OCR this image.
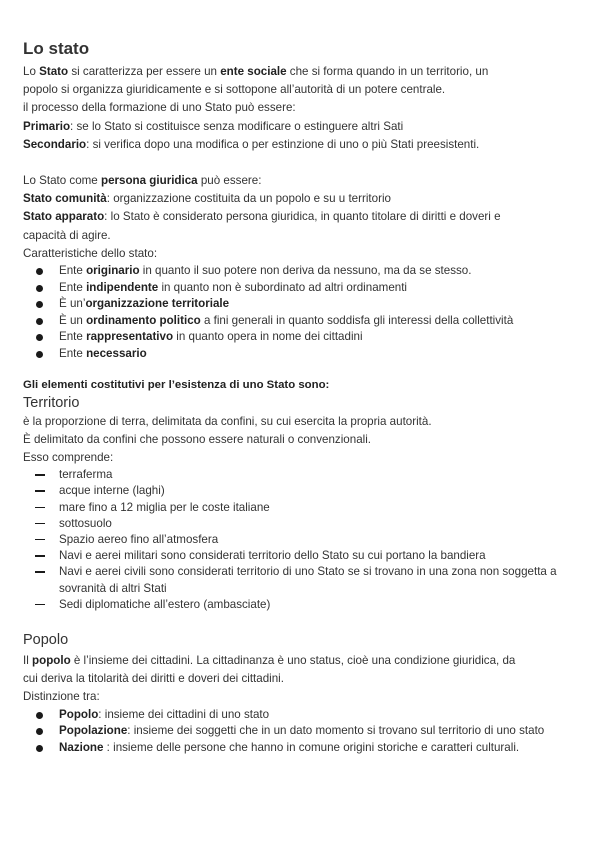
Lo stato

Lo Stato si caratterizza per essere un ente sociale che si forma quando in un territorio, un

popolo si organizza giuridicamente e si sottopone all’autorità di un potere centrale.

il processo della formazione di uno Stato può essere:

Primario: se lo Stato si costituisce senza modificare o estinguere altri Sati

Secondario: si verifica dopo una modifica o per estinzione di uno o più Stati preesistenti.

Lo Stato come persona giuridica può essere:

Stato comunità: organizzazione costituita da un popolo e su u territorio

Stato apparato: lo Stato è considerato persona giuridica, in quanto titolare di diritti e doveri e

capacità di agire.

Caratteristiche dello stato:

Ente originario in quanto il suo potere non deriva da nessuno, ma da se stesso.
Ente indipendente in quanto non è subordinato ad altri ordinamenti
È un’organizzazione territoriale
È un ordinamento politico a fini generali in quanto soddisfa gli interessi della collettività
Ente rappresentativo in quanto opera in nome dei cittadini
Ente necessario
Gli elementi costitutivi per l’esistenza di uno Stato sono:
Territorio

è la proporzione di terra, delimitata da confini, su cui esercita la propria autorità.

È delimitato da confini che possono essere naturali o convenzionali.

Esso comprende:

terraferma
acque interne (laghi)
mare fino a 12 miglia per le coste italiane
sottosuolo
Spazio aereo fino all’atmosfera
Navi e aerei militari sono considerati territorio dello Stato su cui portano la bandiera
Navi e aerei civili sono considerati territorio di uno Stato se si trovano in una zona non soggetta a sovranità di altri Stati
Sedi diplomatiche all’estero (ambasciate)
Popolo

Il popolo è l’insieme dei cittadini. La cittadinanza è uno status, cioè una condizione giuridica, da

cui deriva la titolarità dei diritti e doveri dei cittadini.

Distinzione tra:

Popolo: insieme dei cittadini di uno stato
Popolazione: insieme dei soggetti che in un dato momento si trovano sul territorio di uno stato
Nazione : insieme delle persone che hanno in comune origini storiche e caratteri culturali.
